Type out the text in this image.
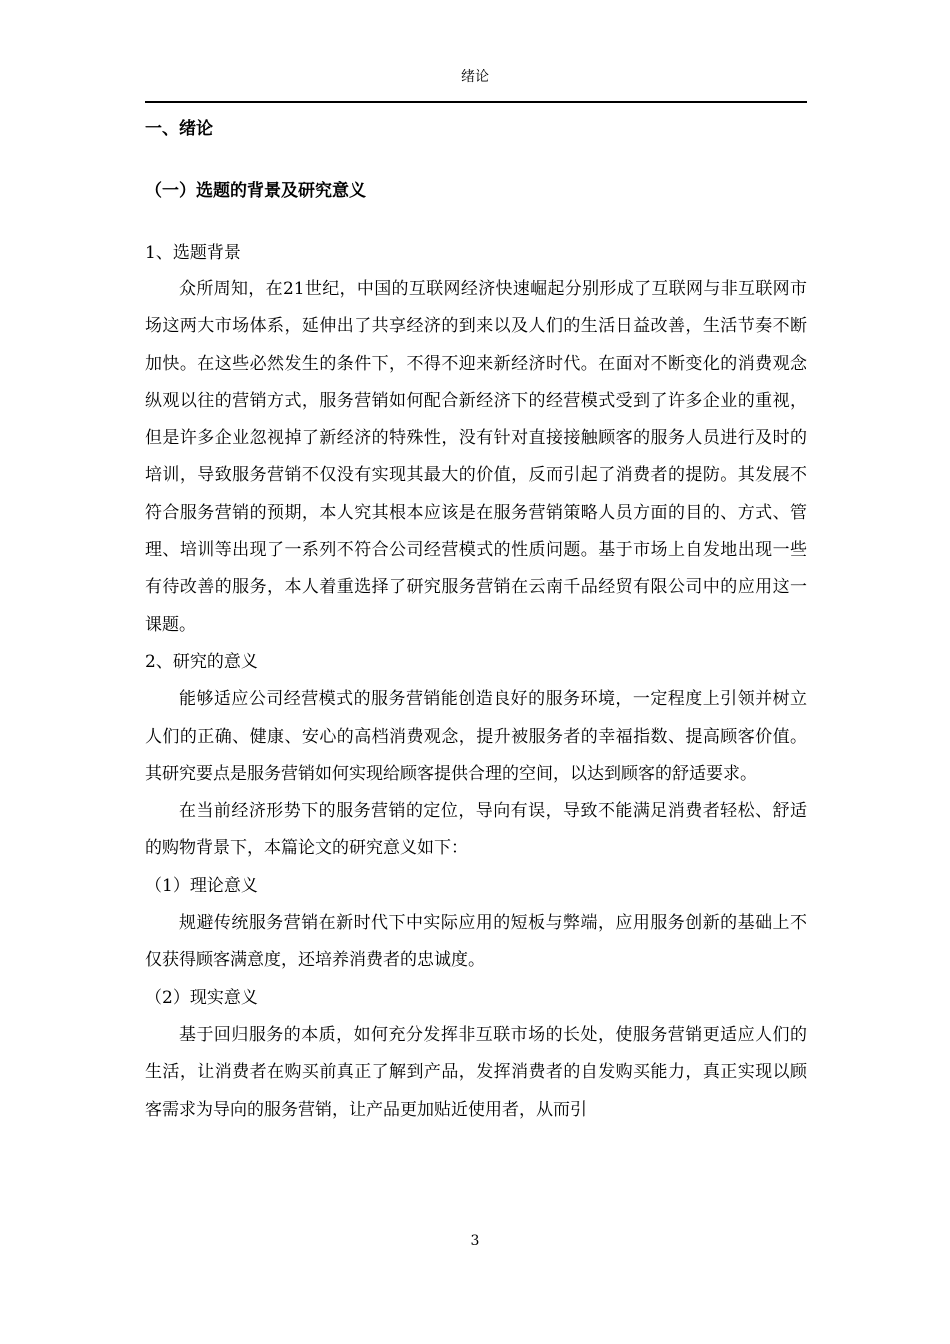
绪论

一、绪论

（一）选题的背景及研究意义

1、选题背景

众所周知，在21世纪，中国的互联网经济快速崛起分别形成了互联网与非互联网市场这两大市场体系，延伸出了共享经济的到来以及人们的生活日益改善，生活节奏不断加快。在这些必然发生的条件下，不得不迎来新经济时代。在面对不断变化的消费观念纵观以往的营销方式，服务营销如何配合新经济下的经营模式受到了许多企业的重视，但是许多企业忽视掉了新经济的特殊性，没有针对直接接触顾客的服务人员进行及时的培训，导致服务营销不仅没有实现其最大的价值，反而引起了消费者的提防。其发展不符合服务营销的预期，本人究其根本应该是在服务营销策略人员方面的目的、方式、管理、培训等出现了一系列不符合公司经营模式的性质问题。基于市场上自发地出现一些有待改善的服务，本人着重选择了研究服务营销在云南千品经贸有限公司中的应用这一课题。

2、研究的意义

能够适应公司经营模式的服务营销能创造良好的服务环境，一定程度上引领并树立人们的正确、健康、安心的高档消费观念，提升被服务者的幸福指数、提高顾客价值。其研究要点是服务营销如何实现给顾客提供合理的空间，以达到顾客的舒适要求。

在当前经济形势下的服务营销的定位，导向有误，导致不能满足消费者轻松、舒适的购物背景下，本篇论文的研究意义如下：

（1）理论意义

规避传统服务营销在新时代下中实际应用的短板与弊端，应用服务创新的基础上不仅获得顾客满意度，还培养消费者的忠诚度。

（2）现实意义

基于回归服务的本质，如何充分发挥非互联市场的长处，使服务营销更适应人们的生活，让消费者在购买前真正了解到产品，发挥消费者的自发购买能力，真正实现以顾客需求为导向的服务营销，让产品更加贴近使用者，从而引

3
